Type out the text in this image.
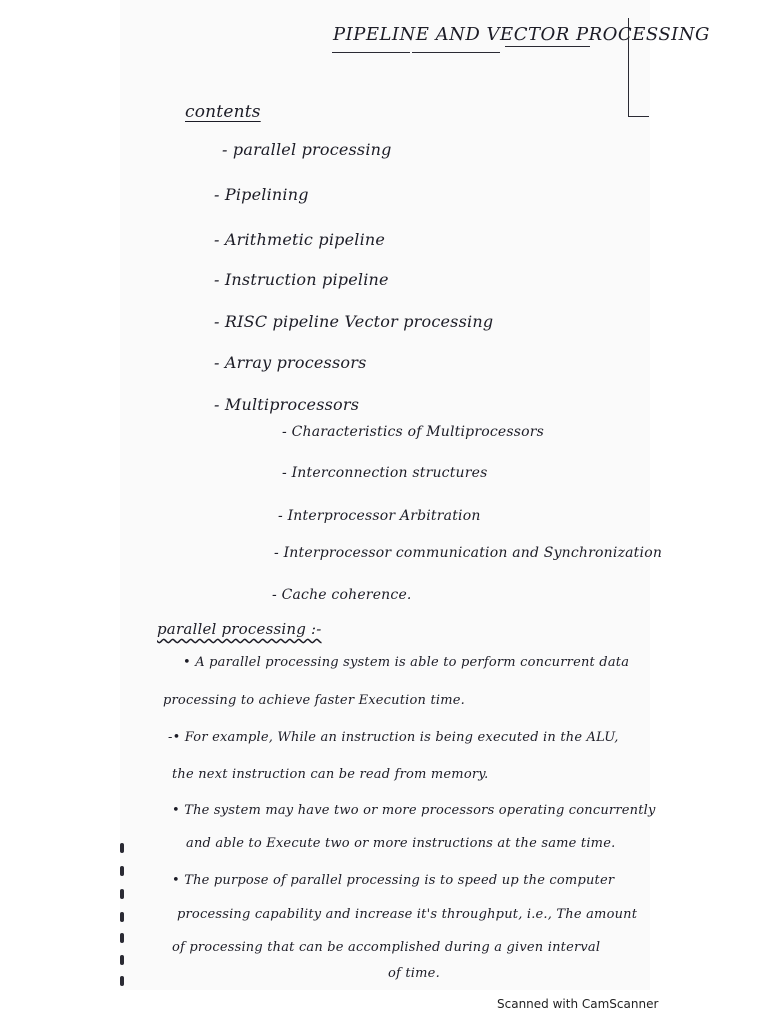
PIPELINE AND VECTOR PROCESSING
contents
- parallel processing
- Pipelining
- Arithmetic pipeline
- Instruction pipeline
- RISC pipeline Vector processing
- Array processors
- Multiprocessors
- Characteristics of Multiprocessors
- Interconnection structures
- Interprocessor Arbitration
- Interprocessor communication and Synchronization
- Cache coherence.
parallel processing :-
• A parallel processing system is able to perform concurrent data
processing to achieve faster Execution time.
-• For example, While an instruction is being executed in the ALU,
the next instruction can be read from memory.
• The system may have two or more processors operating concurrently
and able to Execute two or more instructions at the same time.
• The purpose of parallel processing is to speed up the computer
processing capability and increase it's throughput, i.e., The amount
of processing that can be accomplished during a given interval
of time.
Scanned with CamScanner
